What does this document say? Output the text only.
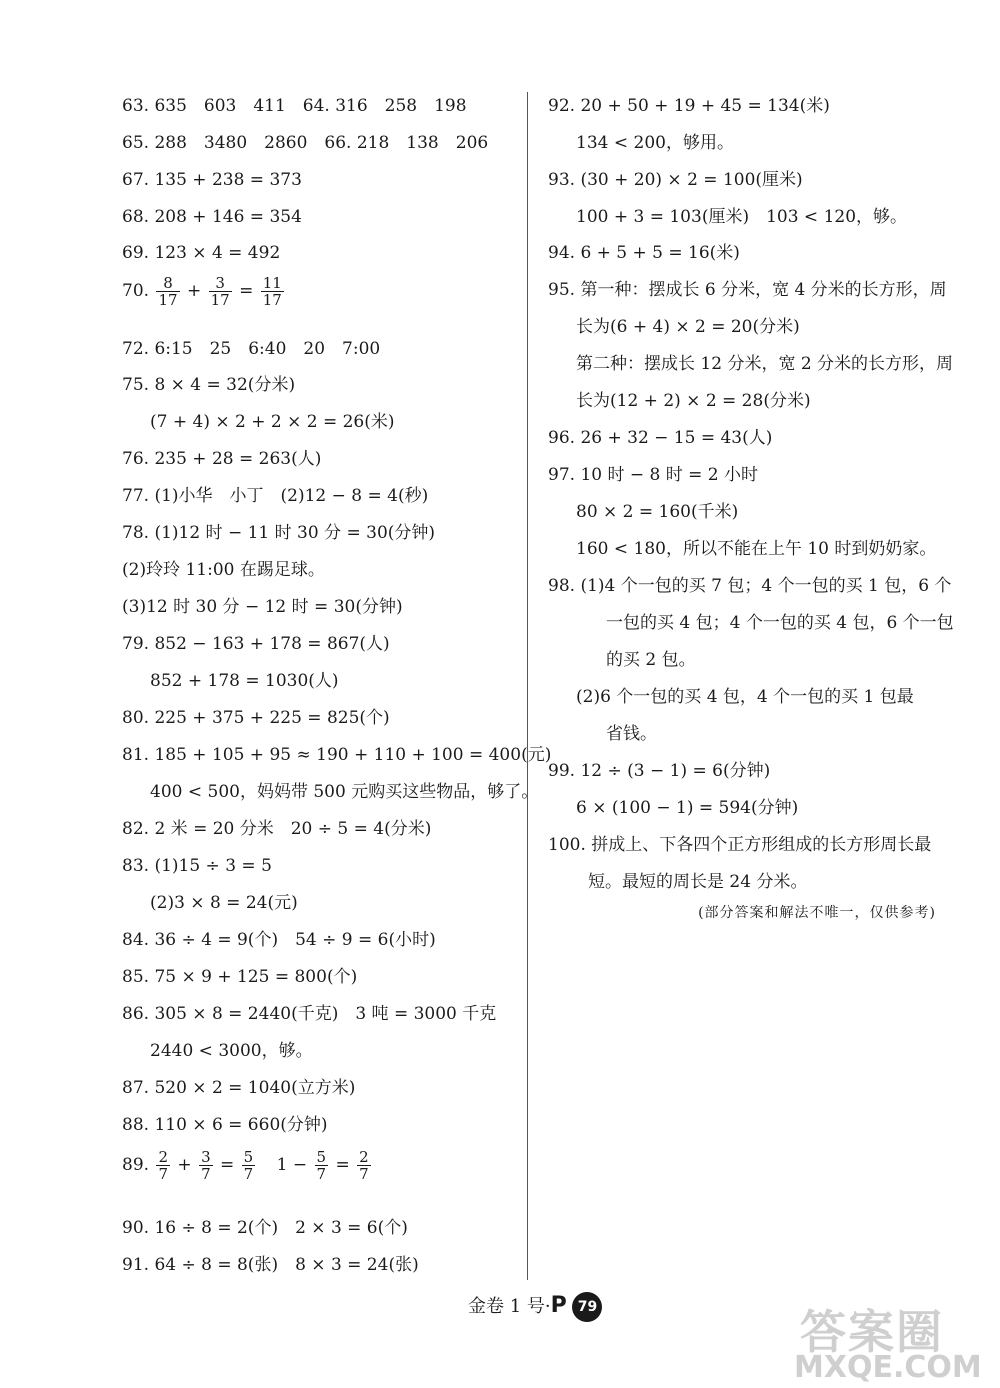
63. 635　603　411　64. 316　258　198
65. 288　3480　2860　66. 218　138　206
67. 135 + 238 = 373
68. 208 + 146 = 354
69. 123 × 4 = 492
70. $\frac{8}{17} + \frac{3}{17} = \frac{11}{17}$
72. 6:15　25　6:40　20　7:00
75. 8 × 4 = 32(分米)
(7 + 4) × 2 + 2 × 2 = 26(米)
76. 235 + 28 = 263(人)
77. (1)小华　小丁　(2)12 − 8 = 4(秒)
78. (1)12 时 − 11 时 30 分 = 30(分钟)
(2)玲玲 11:00 在踢足球。
(3)12 时 30 分 − 12 时 = 30(分钟)
79. 852 − 163 + 178 = 867(人)
852 + 178 = 1030(人)
80. 225 + 375 + 225 = 825(个)
81. 185 + 105 + 95 ≈ 190 + 110 + 100 = 400(元)
400 < 500，妈妈带 500 元购买这些物品，够了。
82. 2 米 = 20 分米　20 ÷ 5 = 4(分米)
83. (1)15 ÷ 3 = 5
(2)3 × 8 = 24(元)
84. 36 ÷ 4 = 9(个)　54 ÷ 9 = 6(小时)
85. 75 × 9 + 125 = 800(个)
86. 305 × 8 = 2440(千克)　3 吨 = 3000 千克
2440 < 3000，够。
87. 520 × 2 = 1040(立方米)
88. 110 × 6 = 660(分钟)
89. $\frac{2}{7} + \frac{3}{7} = \frac{5}{7} 1 - \frac{5}{7} = \frac{2}{7}$
90. 16 ÷ 8 = 2(个)　2 × 3 = 6(个)
91. 64 ÷ 8 = 8(张)　8 × 3 = 24(张)
92. 20 + 50 + 19 + 45 = 134(米)
134 < 200，够用。
93. (30 + 20) × 2 = 100(厘米)
100 + 3 = 103(厘米)　103 < 120，够。
94. 6 + 5 + 5 = 16(米)
95. 第一种：摆成长 6 分米，宽 4 分米的长方形，周
长为(6 + 4) × 2 = 20(分米)
第二种：摆成长 12 分米，宽 2 分米的长方形，周
长为(12 + 2) × 2 = 28(分米)
96. 26 + 32 − 15 = 43(人)
97. 10 时 − 8 时 = 2 小时
80 × 2 = 160(千米)
160 < 180，所以不能在上午 10 时到奶奶家。
98. (1)4 个一包的买 7 包；4 个一包的买 1 包，6 个
一包的买 4 包；4 个一包的买 4 包，6 个一包
的买 2 包。
(2)6 个一包的买 4 包，4 个一包的买 1 包最
省钱。
99. 12 ÷ (3 − 1) = 6(分钟)
6 × (100 − 1) = 594(分钟)
100. 拼成上、下各四个正方形组成的长方形周长最
短。最短的周长是 24 分米。
(部分答案和解法不唯一，仅供参考)
金卷 1 号·P 79	答案圈
MXQE.COM
